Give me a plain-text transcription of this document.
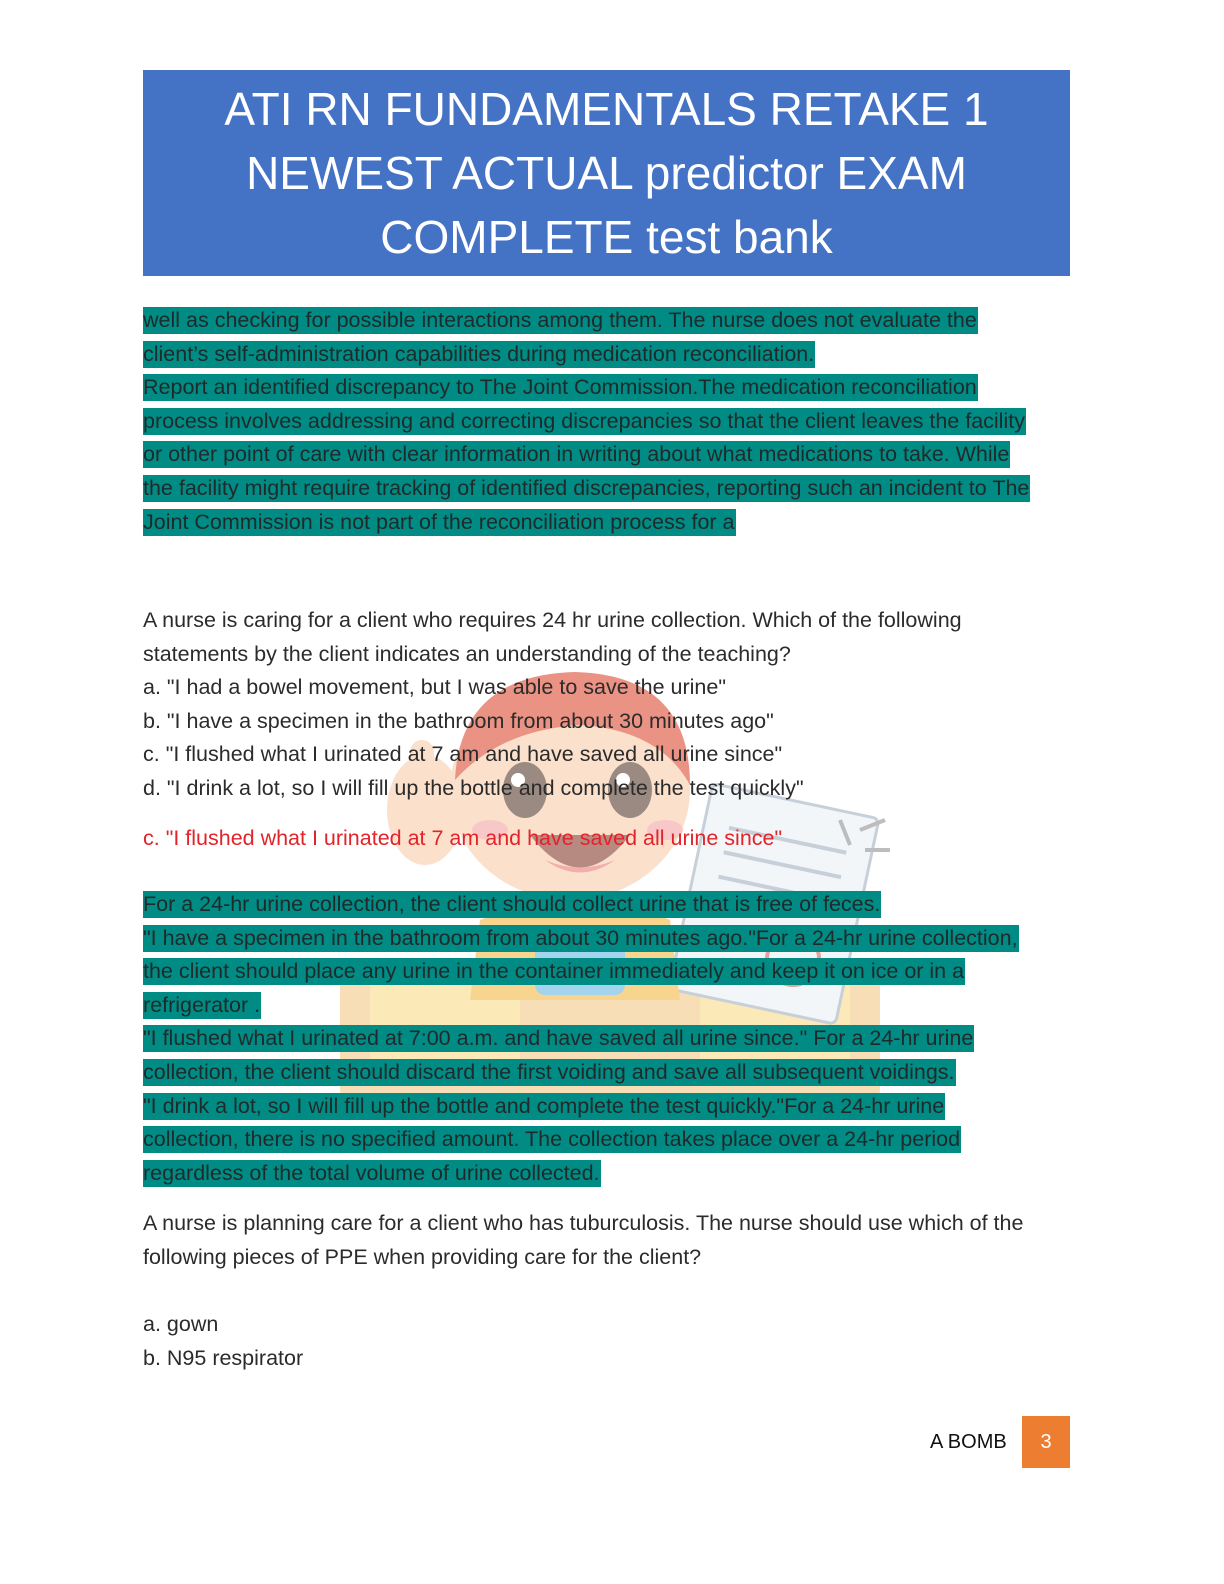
ATI RN FUNDAMENTALS RETAKE 1
NEWEST ACTUAL predictor EXAM
COMPLETE test bank
well as checking for possible interactions among them. The nurse does not evaluate the
client’s self-administration capabilities during medication reconciliation.
Report an identified discrepancy to The Joint Commission.The medication reconciliation
process involves addressing and correcting discrepancies so that the client leaves the facility
or other point of care with clear information in writing about what medications to take. While
the facility might require tracking of identified discrepancies, reporting such an incident to The
Joint Commission is not part of the reconciliation process for a
A nurse is caring for a client who requires 24 hr urine collection. Which of the following
statements by the client indicates an understanding of the teaching?
a. "I had a bowel movement, but I was able to save the urine"
b. "I have a specimen in the bathroom from about 30 minutes ago"
c. "I flushed what I urinated at 7 am and have saved all urine since"
d. "I drink a lot, so I will fill up the bottle and complete the test quickly"
c. "I flushed what I urinated at 7 am and have saved all urine since"
For a 24-hr urine collection, the client should collect urine that is free of feces.
"I have a specimen in the bathroom from about 30 minutes ago."For a 24-hr urine collection,
the client should place any urine in the container immediately and keep it on ice or in a
refrigerator .
"I flushed what I urinated at 7:00 a.m. and have saved all urine since." For a 24-hr urine
collection, the client should discard the first voiding and save all subsequent voidings.
"I drink a lot, so I will fill up the bottle and complete the test quickly."For a 24-hr urine
collection, there is no specified amount. The collection takes place over a 24-hr period
regardless of the total volume of urine collected.
A nurse is planning care for a client who has tuburculosis. The nurse should use which of the
following pieces of PPE when providing care for the client?
a. gown
b. N95 respirator
A BOMB	3
